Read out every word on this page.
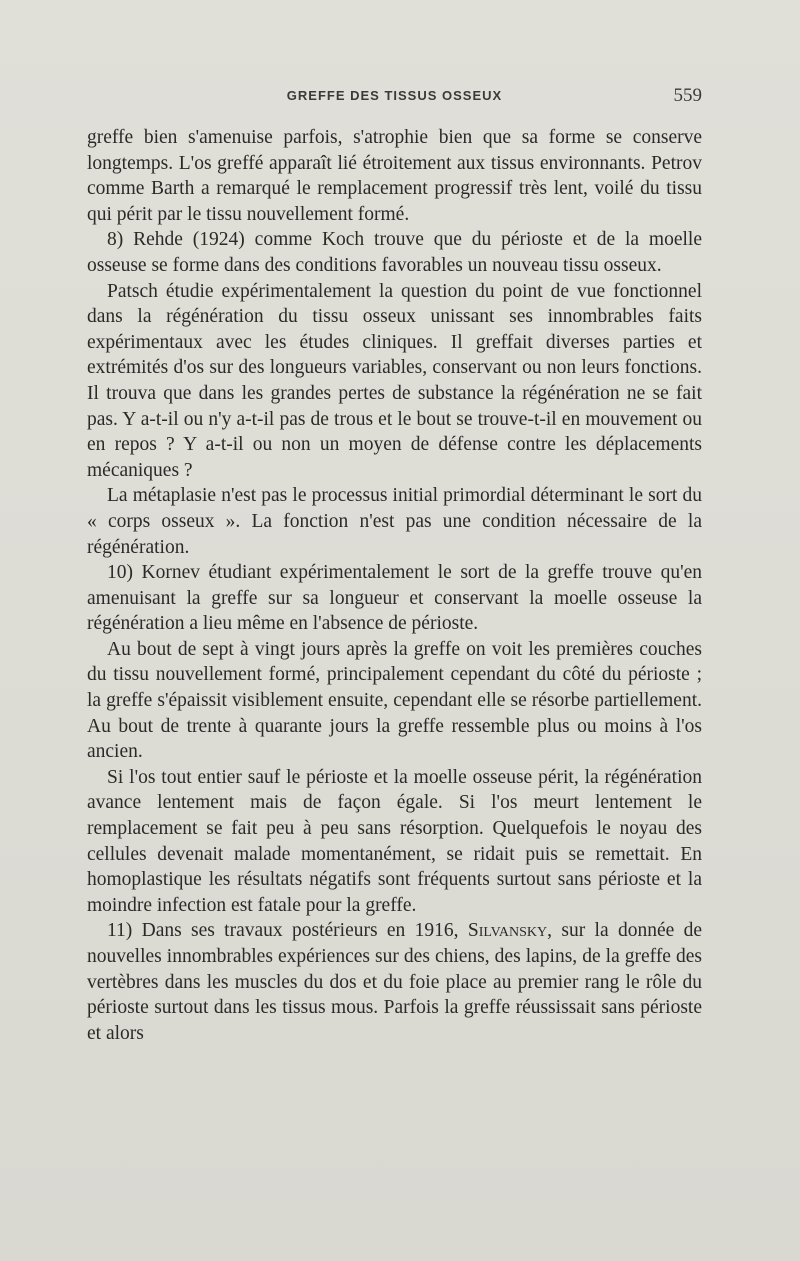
GREFFE DES TISSUS OSSEUX	559

greffe bien s'amenuise parfois, s'atrophie bien que sa forme se conserve longtemps. L'os greffé apparaît lié étroitement aux tissus environnants. Petrov comme Barth a remarqué le remplacement progressif très lent, voilé du tissu qui périt par le tissu nouvellement formé.

8) Rehde (1924) comme Koch trouve que du périoste et de la moelle osseuse se forme dans des conditions favorables un nouveau tissu osseux.

Patsch étudie expérimentalement la question du point de vue fonctionnel dans la régénération du tissu osseux unissant ses innombrables faits expérimentaux avec les études cliniques. Il greffait diverses parties et extrémités d'os sur des longueurs variables, conservant ou non leurs fonctions. Il trouva que dans les grandes pertes de substance la régénération ne se fait pas. Y a-t-il ou n'y a-t-il pas de trous et le bout se trouve-t-il en mouvement ou en repos ? Y a-t-il ou non un moyen de défense contre les déplacements mécaniques ?

La métaplasie n'est pas le processus initial primordial déterminant le sort du « corps osseux ». La fonction n'est pas une condition nécessaire de la régénération.

10) Kornev étudiant expérimentalement le sort de la greffe trouve qu'en amenuisant la greffe sur sa longueur et conservant la moelle osseuse la régénération a lieu même en l'absence de périoste.

Au bout de sept à vingt jours après la greffe on voit les premières couches du tissu nouvellement formé, principalement cependant du côté du périoste ; la greffe s'épaissit visiblement ensuite, cependant elle se résorbe partiellement. Au bout de trente à quarante jours la greffe ressemble plus ou moins à l'os ancien.

Si l'os tout entier sauf le périoste et la moelle osseuse périt, la régénération avance lentement mais de façon égale. Si l'os meurt lentement le remplacement se fait peu à peu sans résorption. Quelquefois le noyau des cellules devenait malade momentanément, se ridait puis se remettait. En homoplastique les résultats négatifs sont fréquents surtout sans périoste et la moindre infection est fatale pour la greffe.

11) Dans ses travaux postérieurs en 1916, Silvansky, sur la donnée de nouvelles innombrables expériences sur des chiens, des lapins, de la greffe des vertèbres dans les muscles du dos et du foie place au premier rang le rôle du périoste surtout dans les tissus mous. Parfois la greffe réussissait sans périoste et alors
